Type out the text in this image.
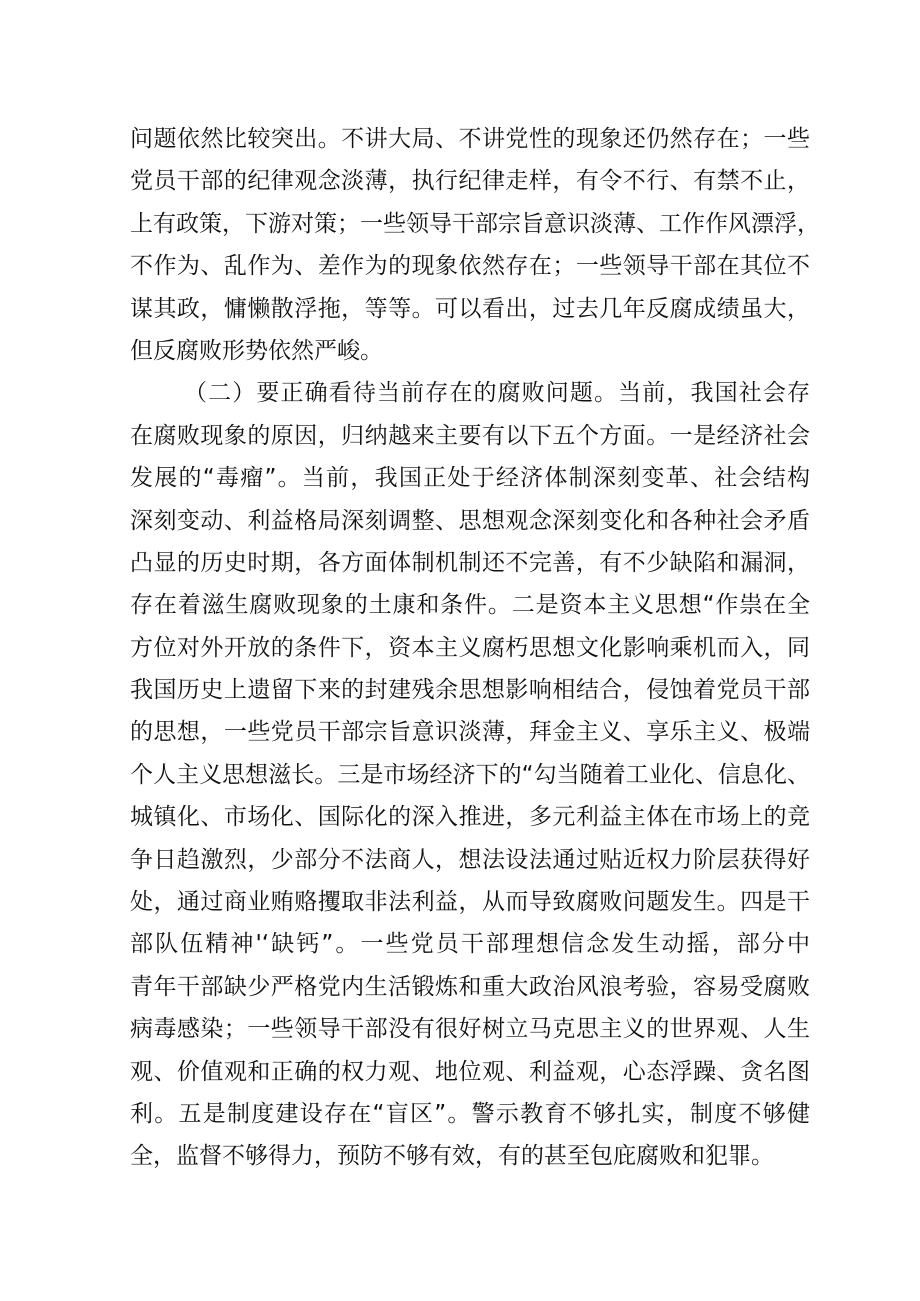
问题依然比较突出。不讲大局、不讲党性的现象还仍然存在；一些
党员干部的纪律观念淡薄，执行纪律走样，有令不行、有禁不止，
上有政策，下游对策；一些领导干部宗旨意识淡薄、工作作风漂浮，
不作为、乱作为、差作为的现象依然存在；一些领导干部在其位不
谋其政，慵懒散浮拖，等等。可以看出，过去几年反腐成绩虽大，
但反腐败形势依然严峻。
（二）要正确看待当前存在的腐败问题。当前，我国社会存
在腐败现象的原因，归纳越来主要有以下五个方面。一是经济社会
发展的“毒瘤”。当前，我国正处于经济体制深刻变革、社会结构
深刻变动、利益格局深刻调整、思想观念深刻变化和各种社会矛盾
凸显的历史时期，各方面体制机制还不完善，有不少缺陷和漏洞，
存在着滋生腐败现象的土康和条件。二是资本主义思想“作祟在全
方位对外开放的条件下，资本主义腐朽思想文化影响乘机而入，同
我国历史上遗留下来的封建残余思想影响相结合，侵蚀着党员干部
的思想，一些党员干部宗旨意识淡薄，拜金主义、享乐主义、极端
个人主义思想滋长。三是市场经济下的“勾当随着工业化、信息化、
城镇化、市场化、国际化的深入推进，多元利益主体在市场上的竞
争日趋激烈，少部分不法商人，想法设法通过贴近权力阶层获得好
处，通过商业贿赂攫取非法利益，从而导致腐败问题发生。四是干
部队伍精神'‘缺钙”。一些党员干部理想信念发生动摇，部分中
青年干部缺少严格党内生活锻炼和重大政治风浪考验，容易受腐败
病毒感染；一些领导干部没有很好树立马克思主义的世界观、人生
观、价值观和正确的权力观、地位观、利益观，心态浮躁、贪名图
利。五是制度建设存在“盲区”。警示教育不够扎实，制度不够健
全，监督不够得力，预防不够有效，有的甚至包庇腐败和犯罪。
